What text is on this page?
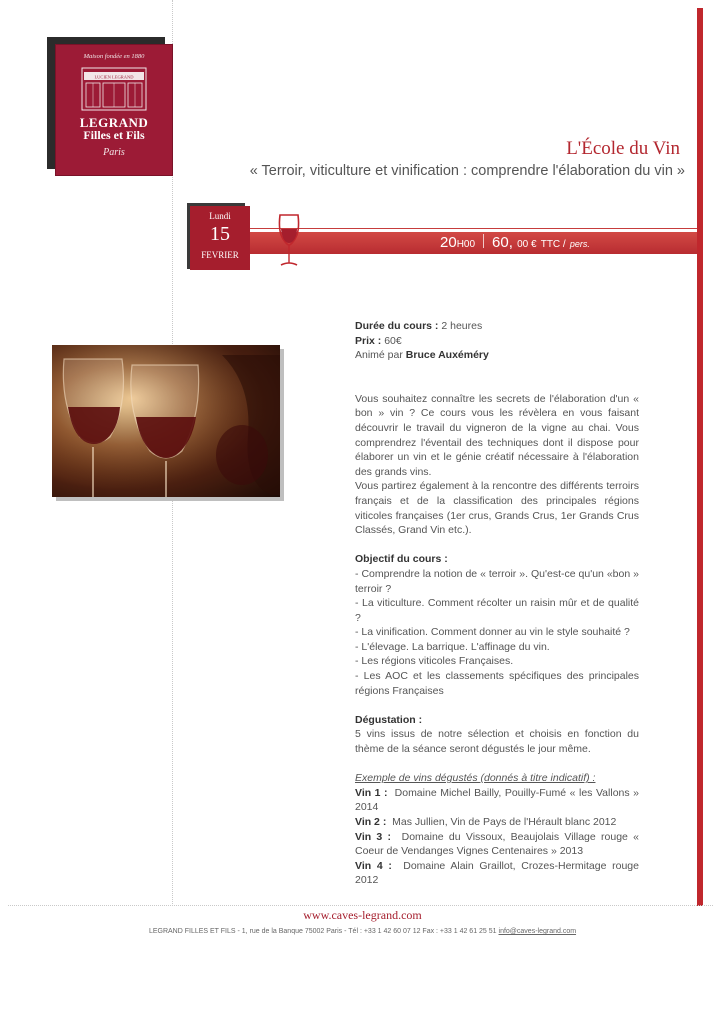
Maison fondée en 1880
LUCIEN LEGRAND
LEGRAND
Filles et Fils
Paris	L'École du Vin
« Terroir, viticulture et vinification : comprendre l'élaboration du vin »
Lundi
15
FEVRIER
20H00 60, 00 € TTC / pers.

Durée du cours : 2 heures

Prix : 60€

Animé par Bruce Auxéméry

Vous souhaitez connaître les secrets de l'élaboration d'un « bon » vin ? Ce cours vous les révèlera en vous faisant découvrir le travail du vigneron de la vigne au chai. Vous comprendrez l'éventail des techniques dont il dispose pour élaborer un vin et le génie créatif nécessaire à l'élaboration des grands vins.

Vous partirez également à la rencontre des différents terroirs français et de la classification des principales régions viticoles françaises (1er crus, Grands Crus, 1er Grands Crus Classés, Grand Vin etc.).

Objectif du cours :

- Comprendre la notion de « terroir ». Qu'est-ce qu'un «bon » terroir ?

- La viticulture. Comment récolter un raisin mûr et de qualité ?

- La vinification. Comment donner au vin le style souhaité ?

- L'élevage. La barrique. L'affinage du vin.

- Les régions viticoles Françaises.

- Les AOC et les classements spécifiques des principales régions Françaises

Dégustation :

5 vins issus de notre sélection et choisis en fonction du thème de la séance seront dégustés le jour même.

Exemple de vins dégustés (donnés à titre indicatif) :

Vin 1 : Domaine Michel Bailly, Pouilly-Fumé « les Vallons » 2014

Vin 2 : Mas Jullien, Vin de Pays de l'Hérault blanc 2012

Vin 3 : Domaine du Vissoux, Beaujolais Village rouge « Coeur de Vendanges Vignes Centenaires » 2013

Vin 4 : Domaine Alain Graillot, Crozes-Hermitage rouge 2012

www.caves-legrand.com
LEGRAND FILLES ET FILS - 1, rue de la Banque 75002 Paris - Tél : +33 1 42 60 07 12 Fax : +33 1 42 61 25 51 info@caves-legrand.com
